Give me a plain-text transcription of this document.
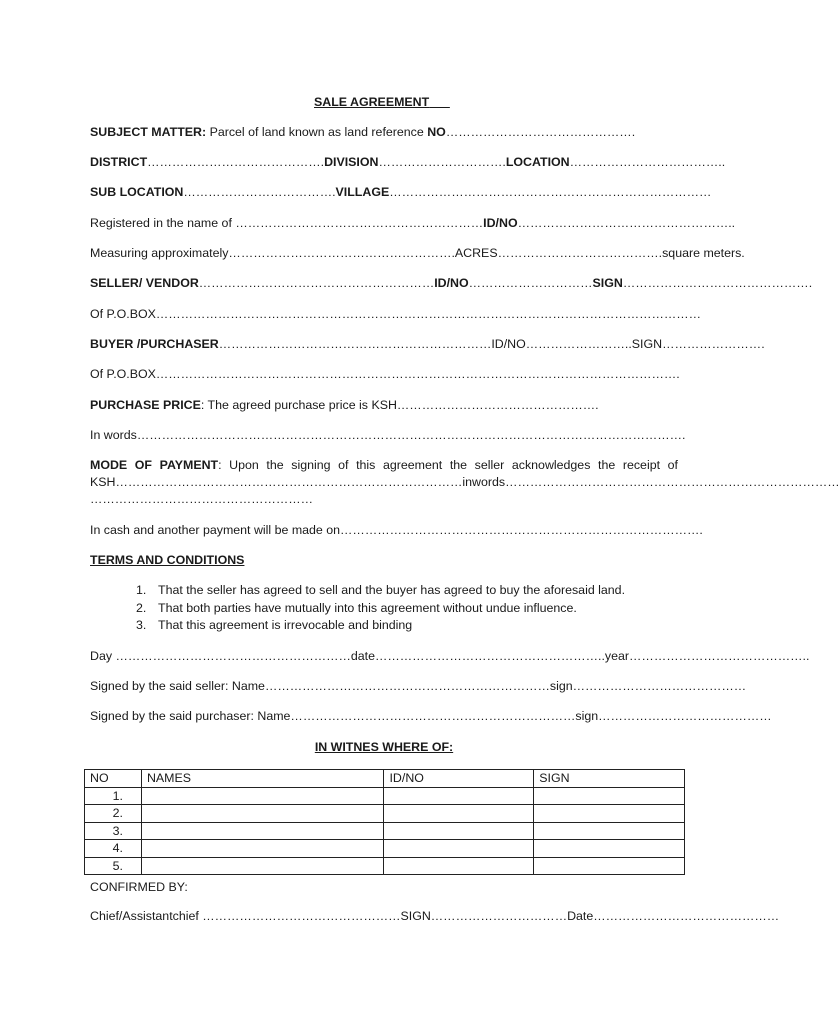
SALE AGREEMENT
SUBJECT MATTER: Parcel of land known as land reference NO……………………………………….
DISTRICT…………………………………….DIVISION………………………….LOCATION………………………………..
SUB LOCATION……………………………….VILLAGE……………………………………………………………………
Registered in the name of ……………………………………………………ID/NO……………………………………………..
Measuring approximately……………………………………………….ACRES………………………………….square meters.
SELLER/ VENDOR…………………………………………………ID/NO…………………………SIGN……………………………………….
Of P.O.BOX……………………………………………………………………………………………………………………
BUYER /PURCHASER…………………………………………………………ID/NO……………………..SIGN…………………….
Of P.O.BOX……………………………………………………………………………………………………………….
PURCHASE PRICE: The agreed purchase price is KSH………………………………………….
In words…………………………………………………………………………………………………………………….
MODE OF PAYMENT: Upon the signing of this agreement the seller acknowledges the receipt of
KSH…………………………………………………………………………inwords………………………………………………………………………
………………………………………………
In cash and another payment will be made on…………………………………………………………………………….
TERMS AND CONDITIONS
1. That the seller has agreed to sell and the buyer has agreed to buy the aforesaid land.
2. That both parties have mutually into this agreement without undue influence.
3. That this agreement is irrevocable and binding
Day …………………………………………………date………………………………………………..year……………………………………..
Signed by the said seller: Name……………………………………………………………sign……………………………………
Signed by the said purchaser: Name……………………………………………………………sign……………………………………
IN WITNES WHERE OF:
NO	NAMES	ID/NO	SIGN
1.			
2.			
3.			
4.			
5.			
CONFIRMED BY:
Chief/Assistantchief …………………………………………SIGN……………………………Date………………………………………
